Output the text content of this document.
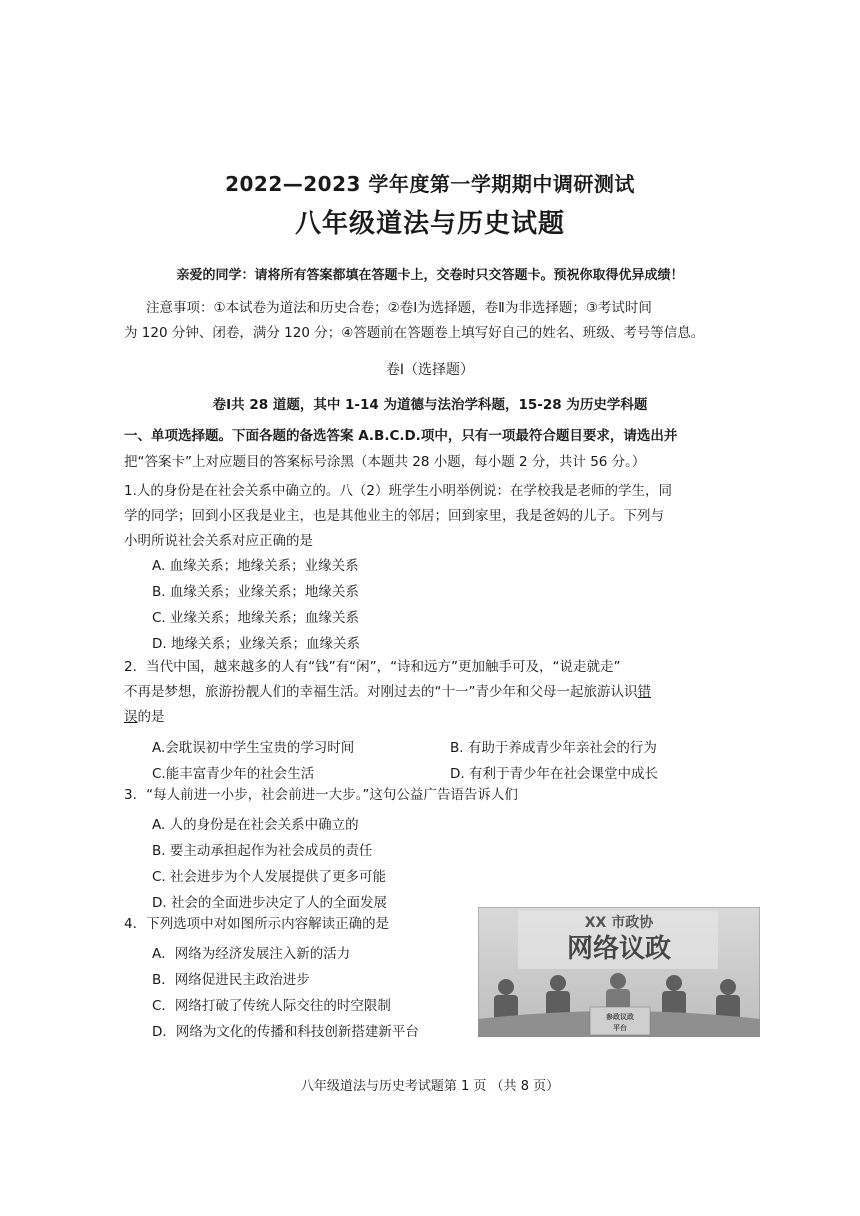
2022—2023 学年度第一学期期中调研测试
八年级道法与历史试题
亲爱的同学：请将所有答案都填在答题卡上，交卷时只交答题卡。预祝你取得优异成绩！
注意事项：①本试卷为道法和历史合卷；②卷Ⅰ为选择题，卷Ⅱ为非选择题；③考试时间
为 120 分钟、闭卷，满分 120 分；④答题前在答题卷上填写好自己的姓名、班级、考号等信息。
卷Ⅰ（选择题）
卷Ⅰ共 28 道题，其中 1-14 为道德与法治学科题，15-28 为历史学科题
一、单项选择题。下面各题的备选答案 A.B.C.D.项中，只有一项最符合题目要求，请选出并
把“答案卡”上对应题目的答案标号涂黑（本题共 28 小题，每小题 2 分，共计 56 分。）
1.人的身份是在社会关系中确立的。八（2）班学生小明举例说：在学校我是老师的学生，同
学的同学；回到小区我是业主，也是其他业主的邻居；回到家里，我是爸妈的儿子。下列与
小明所说社会关系对应正确的是
A. 血缘关系；地缘关系；业缘关系
B. 血缘关系；业缘关系；地缘关系
C. 业缘关系；地缘关系；血缘关系
D. 地缘关系；业缘关系；血缘关系
2．当代中国，越来越多的人有“钱”有“闲”，“诗和远方”更加触手可及，“说走就走”
不再是梦想，旅游扮靓人们的幸福生活。对刚过去的“十一”青少年和父母一起旅游认识错
误的是
A.会耽误初中学生宝贵的学习时间	B. 有助于养成青少年亲社会的行为
C.能丰富青少年的社会生活	D. 有利于青少年在社会课堂中成长
3．“每人前进一小步，社会前进一大步。”这句公益广告语告诉人们
A. 人的身份是在社会关系中确立的
B. 要主动承担起作为社会成员的责任
C. 社会进步为个人发展提供了更多可能
D. 社会的全面进步决定了人的全面发展
4．下列选项中对如图所示内容解读正确的是
A．网络为经济发展注入新的活力
B．网络促进民主政治进步
C．网络打破了传统人际交往的时空限制
D．网络为文化的传播和科技创新搭建新平台
XX 市政协
网络议政
参政议政
平台
八年级道法与历史考试题第 1 页 （共 8 页）
